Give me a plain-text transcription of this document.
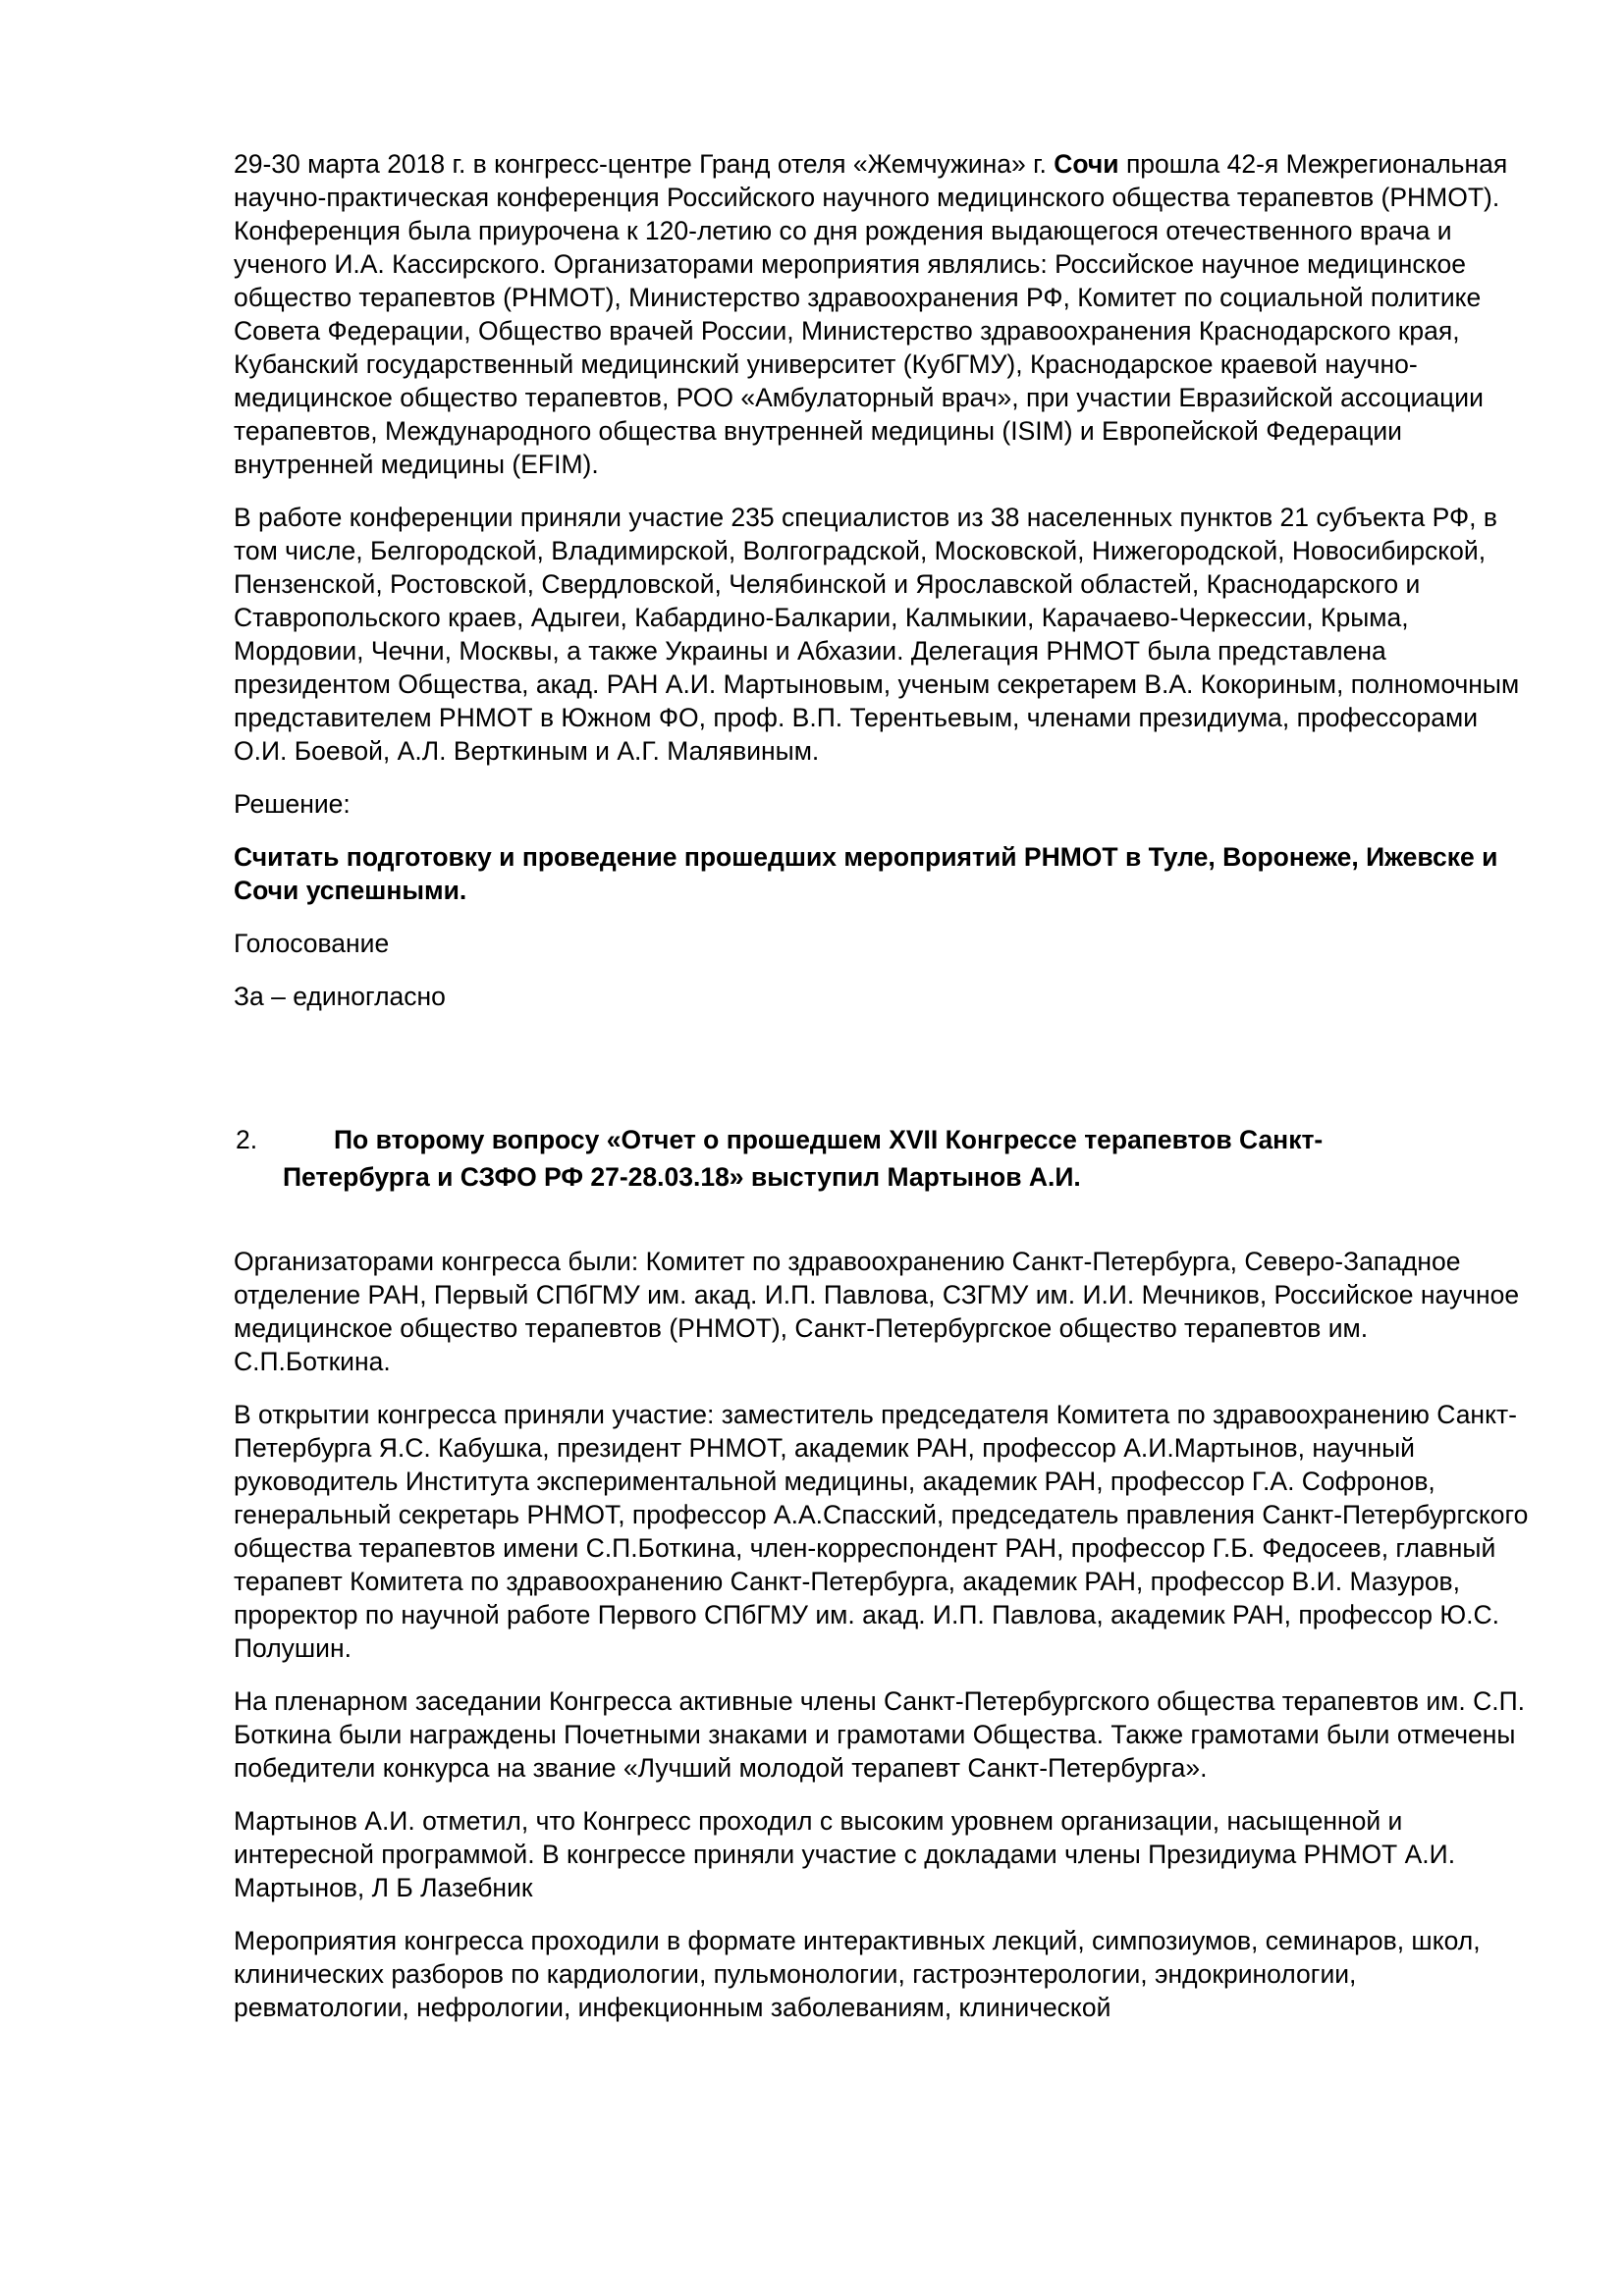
29-30 марта 2018 г. в конгресс-центре Гранд отеля «Жемчужина» г. Сочи прошла 42-я Межрегиональная научно-практическая конференция Российского научного медицинского общества терапевтов (РНМОТ). Конференция была приурочена к 120-летию со дня рождения выдающегося отечественного врача и ученого И.А. Кассирского. Организаторами мероприятия являлись: Российское научное медицинское общество терапевтов (РНМОТ), Министерство здравоохранения РФ, Комитет по социальной политике Совета Федерации, Общество врачей России, Министерство здравоохранения Краснодарского края, Кубанский государственный медицинский университет (КубГМУ), Краснодарское краевой научно-медицинское общество терапевтов, РОО «Амбулаторный врач», при участии Евразийской ассоциации терапевтов, Международного общества внутренней медицины (ISIM) и Европейской Федерации внутренней медицины (EFIM).

В работе конференции приняли участие 235 специалистов из 38 населенных пунктов 21 субъекта РФ, в том числе, Белгородской, Владимирской, Волгоградской, Московской, Нижегородской, Новосибирской, Пензенской, Ростовской, Свердловской, Челябинской и Ярославской областей, Краснодарского и Ставропольского краев, Адыгеи, Кабардино-Балкарии, Калмыкии, Карачаево-Черкессии, Крыма, Мордовии, Чечни, Москвы, а также Украины и Абхазии. Делегация РНМОТ была представлена президентом Общества, акад. РАН А.И. Мартыновым, ученым секретарем В.А. Кокориным, полномочным представителем РНМОТ в Южном ФО, проф. В.П. Терентьевым, членами президиума, профессорами О.И. Боевой, А.Л. Верткиным и А.Г. Малявиным.

Решение:

Считать подготовку и проведение прошедших мероприятий РНМОТ в Туле, Воронеже, Ижевске и Сочи успешными.

Голосование

За – единогласно

2.	По второму вопросу «Отчет о прошедшем XVII Конгрессе терапевтов Санкт-
Петербурга и СЗФО РФ 27-28.03.18» выступил Мартынов А.И.

Организаторами конгресса были: Комитет по здравоохранению Санкт-Петербурга, Северо-Западное отделение РАН, Первый СПбГМУ им. акад. И.П. Павлова, СЗГМУ им. И.И. Мечников, Российское научное медицинское общество терапевтов (РНМОТ), Санкт-Петербургское общество терапевтов им. С.П.Боткина.

В открытии конгресса приняли участие: заместитель председателя Комитета по здравоохранению Санкт-Петербурга Я.С. Кабушка, президент РНМОТ, академик РАН, профессор А.И.Мартынов, научный руководитель Института экспериментальной медицины, академик РАН, профессор Г.А. Софронов, генеральный секретарь РНМОТ, профессор А.А.Спасский, председатель правления Санкт-Петербургского общества терапевтов имени С.П.Боткина, член-корреспондент РАН, профессор Г.Б. Федосеев, главный терапевт Комитета по здравоохранению Санкт-Петербурга, академик РАН, профессор В.И. Мазуров, проректор по научной работе Первого СПбГМУ им. акад. И.П. Павлова, академик РАН, профессор Ю.С. Полушин.

На пленарном заседании Конгресса активные члены Санкт-Петербургского общества терапевтов им. С.П. Боткина были награждены Почетными знаками и грамотами Общества. Также грамотами были отмечены победители конкурса на звание «Лучший молодой терапевт Санкт-Петербурга».

Мартынов А.И. отметил, что Конгресс проходил с высоким уровнем организации, насыщенной и интересной программой. В конгрессе приняли участие с докладами члены Президиума РНМОТ А.И. Мартынов, Л Б Лазебник

Мероприятия конгресса проходили в формате интерактивных лекций, симпозиумов, семинаров, школ, клинических разборов по кардиологии, пульмонологии, гастроэнтерологии, эндокринологии, ревматологии, нефрологии, инфекционным заболеваниям, клинической
